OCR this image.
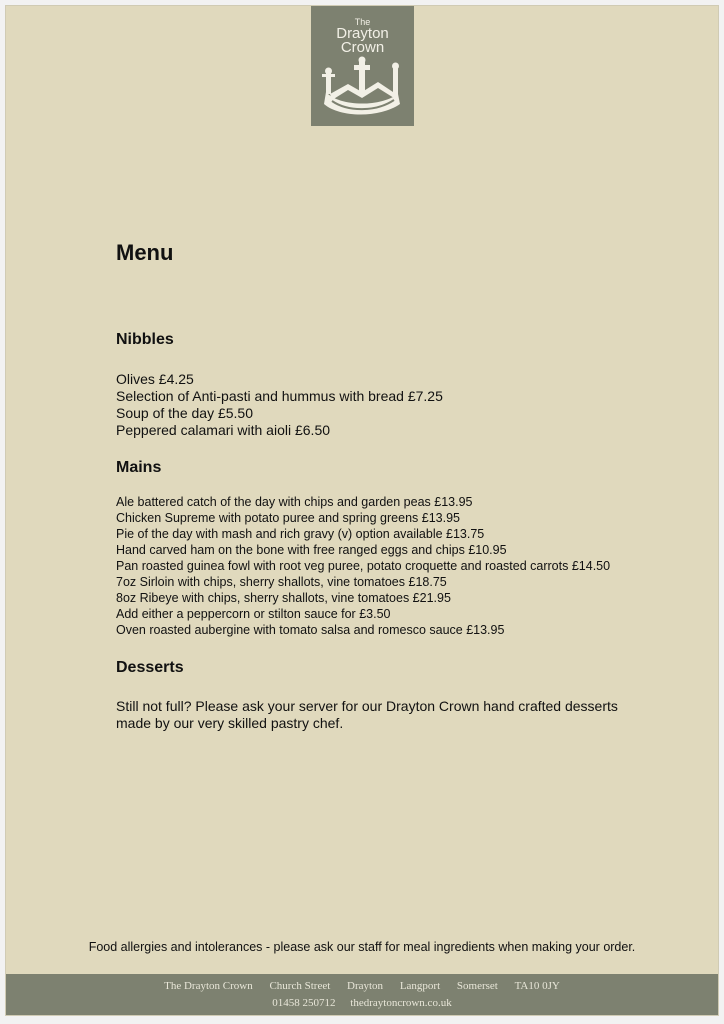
The
Drayton
Crown
Menu
Nibbles
Olives £4.25
Selection of Anti-pasti and hummus with bread £7.25
Soup of the day £5.50
Peppered calamari with aioli £6.50
Mains
Ale battered catch of the day with chips and garden peas £13.95
Chicken Supreme with potato puree and spring greens £13.95
Pie of the day with mash and rich gravy (v) option available £13.75
Hand carved ham on the bone with free ranged eggs and chips £10.95
Pan roasted guinea fowl with root veg puree, potato croquette and roasted carrots £14.50
7oz Sirloin with chips, sherry shallots, vine tomatoes £18.75
8oz Ribeye with chips, sherry shallots, vine tomatoes £21.95
Add either a peppercorn or stilton sauce for £3.50
Oven roasted aubergine with tomato salsa and romesco sauce £13.95
Desserts
Still not full? Please ask your server for our Drayton Crown hand crafted desserts made by our very skilled pastry chef.
Food allergies and intolerances - please ask our staff for meal ingredients when making your order.
The Drayton Crown Church Street Drayton Langport Somerset TA10 0JY
01458 250712 thedraytoncrown.co.uk
